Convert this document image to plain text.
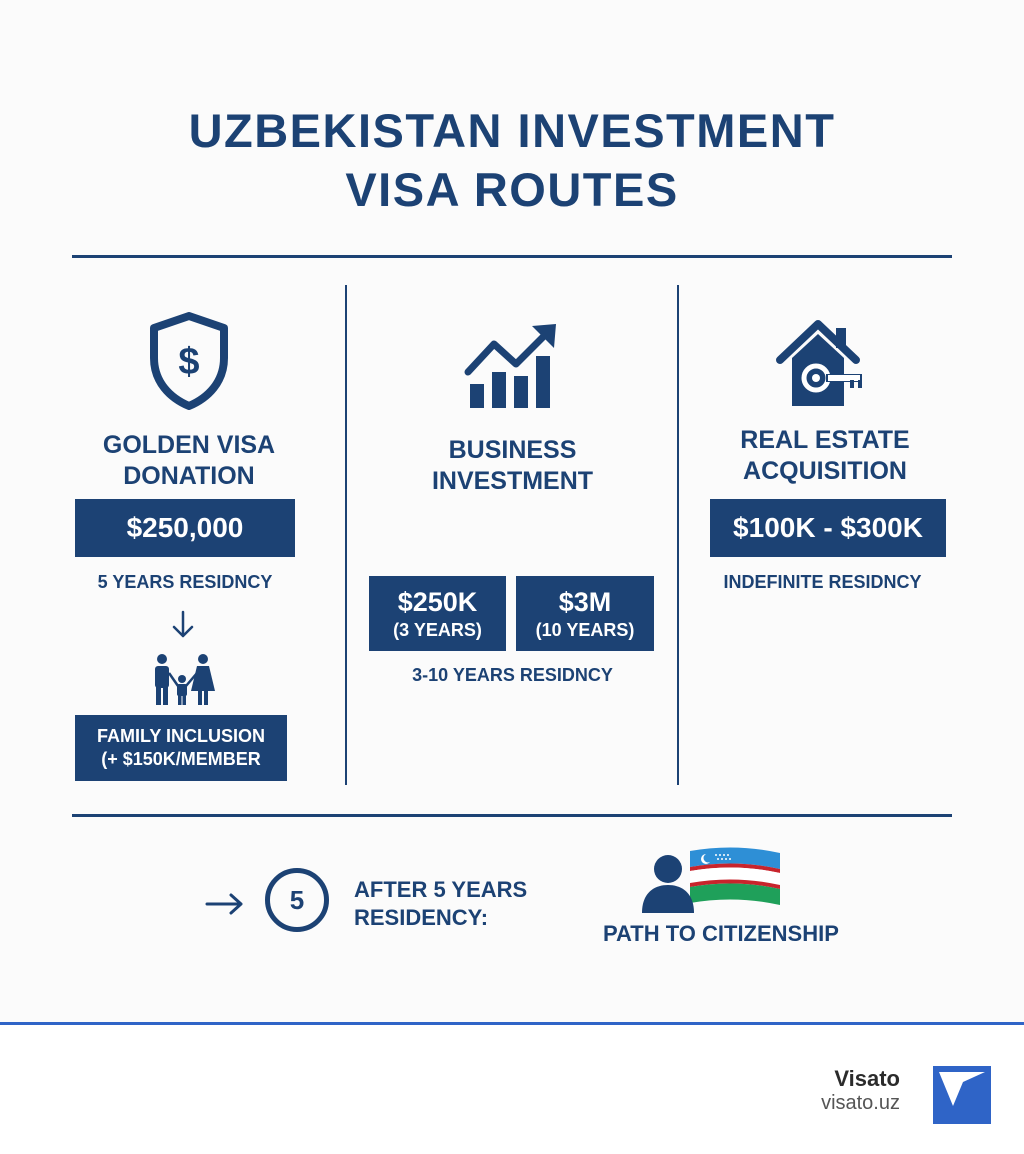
UZBEKISTAN INVESTMENT
VISA ROUTES
$
GOLDEN VISA
DONATION
$250,000
5 YEARS RESIDNCY
FAMILY INCLUSION
(+ $150K/MEMBER
BUSINESS
INVESTMENT
$250K
(3 YEARS)
$3M
(10 YEARS)
3-10 YEARS RESIDNCY
REAL ESTATE
ACQUISITION
$100K - $300K
INDEFINITE RESIDNCY
5 AFTER 5 YEARS
RESIDENCY:
PATH TO CITIZENSHIP
Visato
visato.uz
